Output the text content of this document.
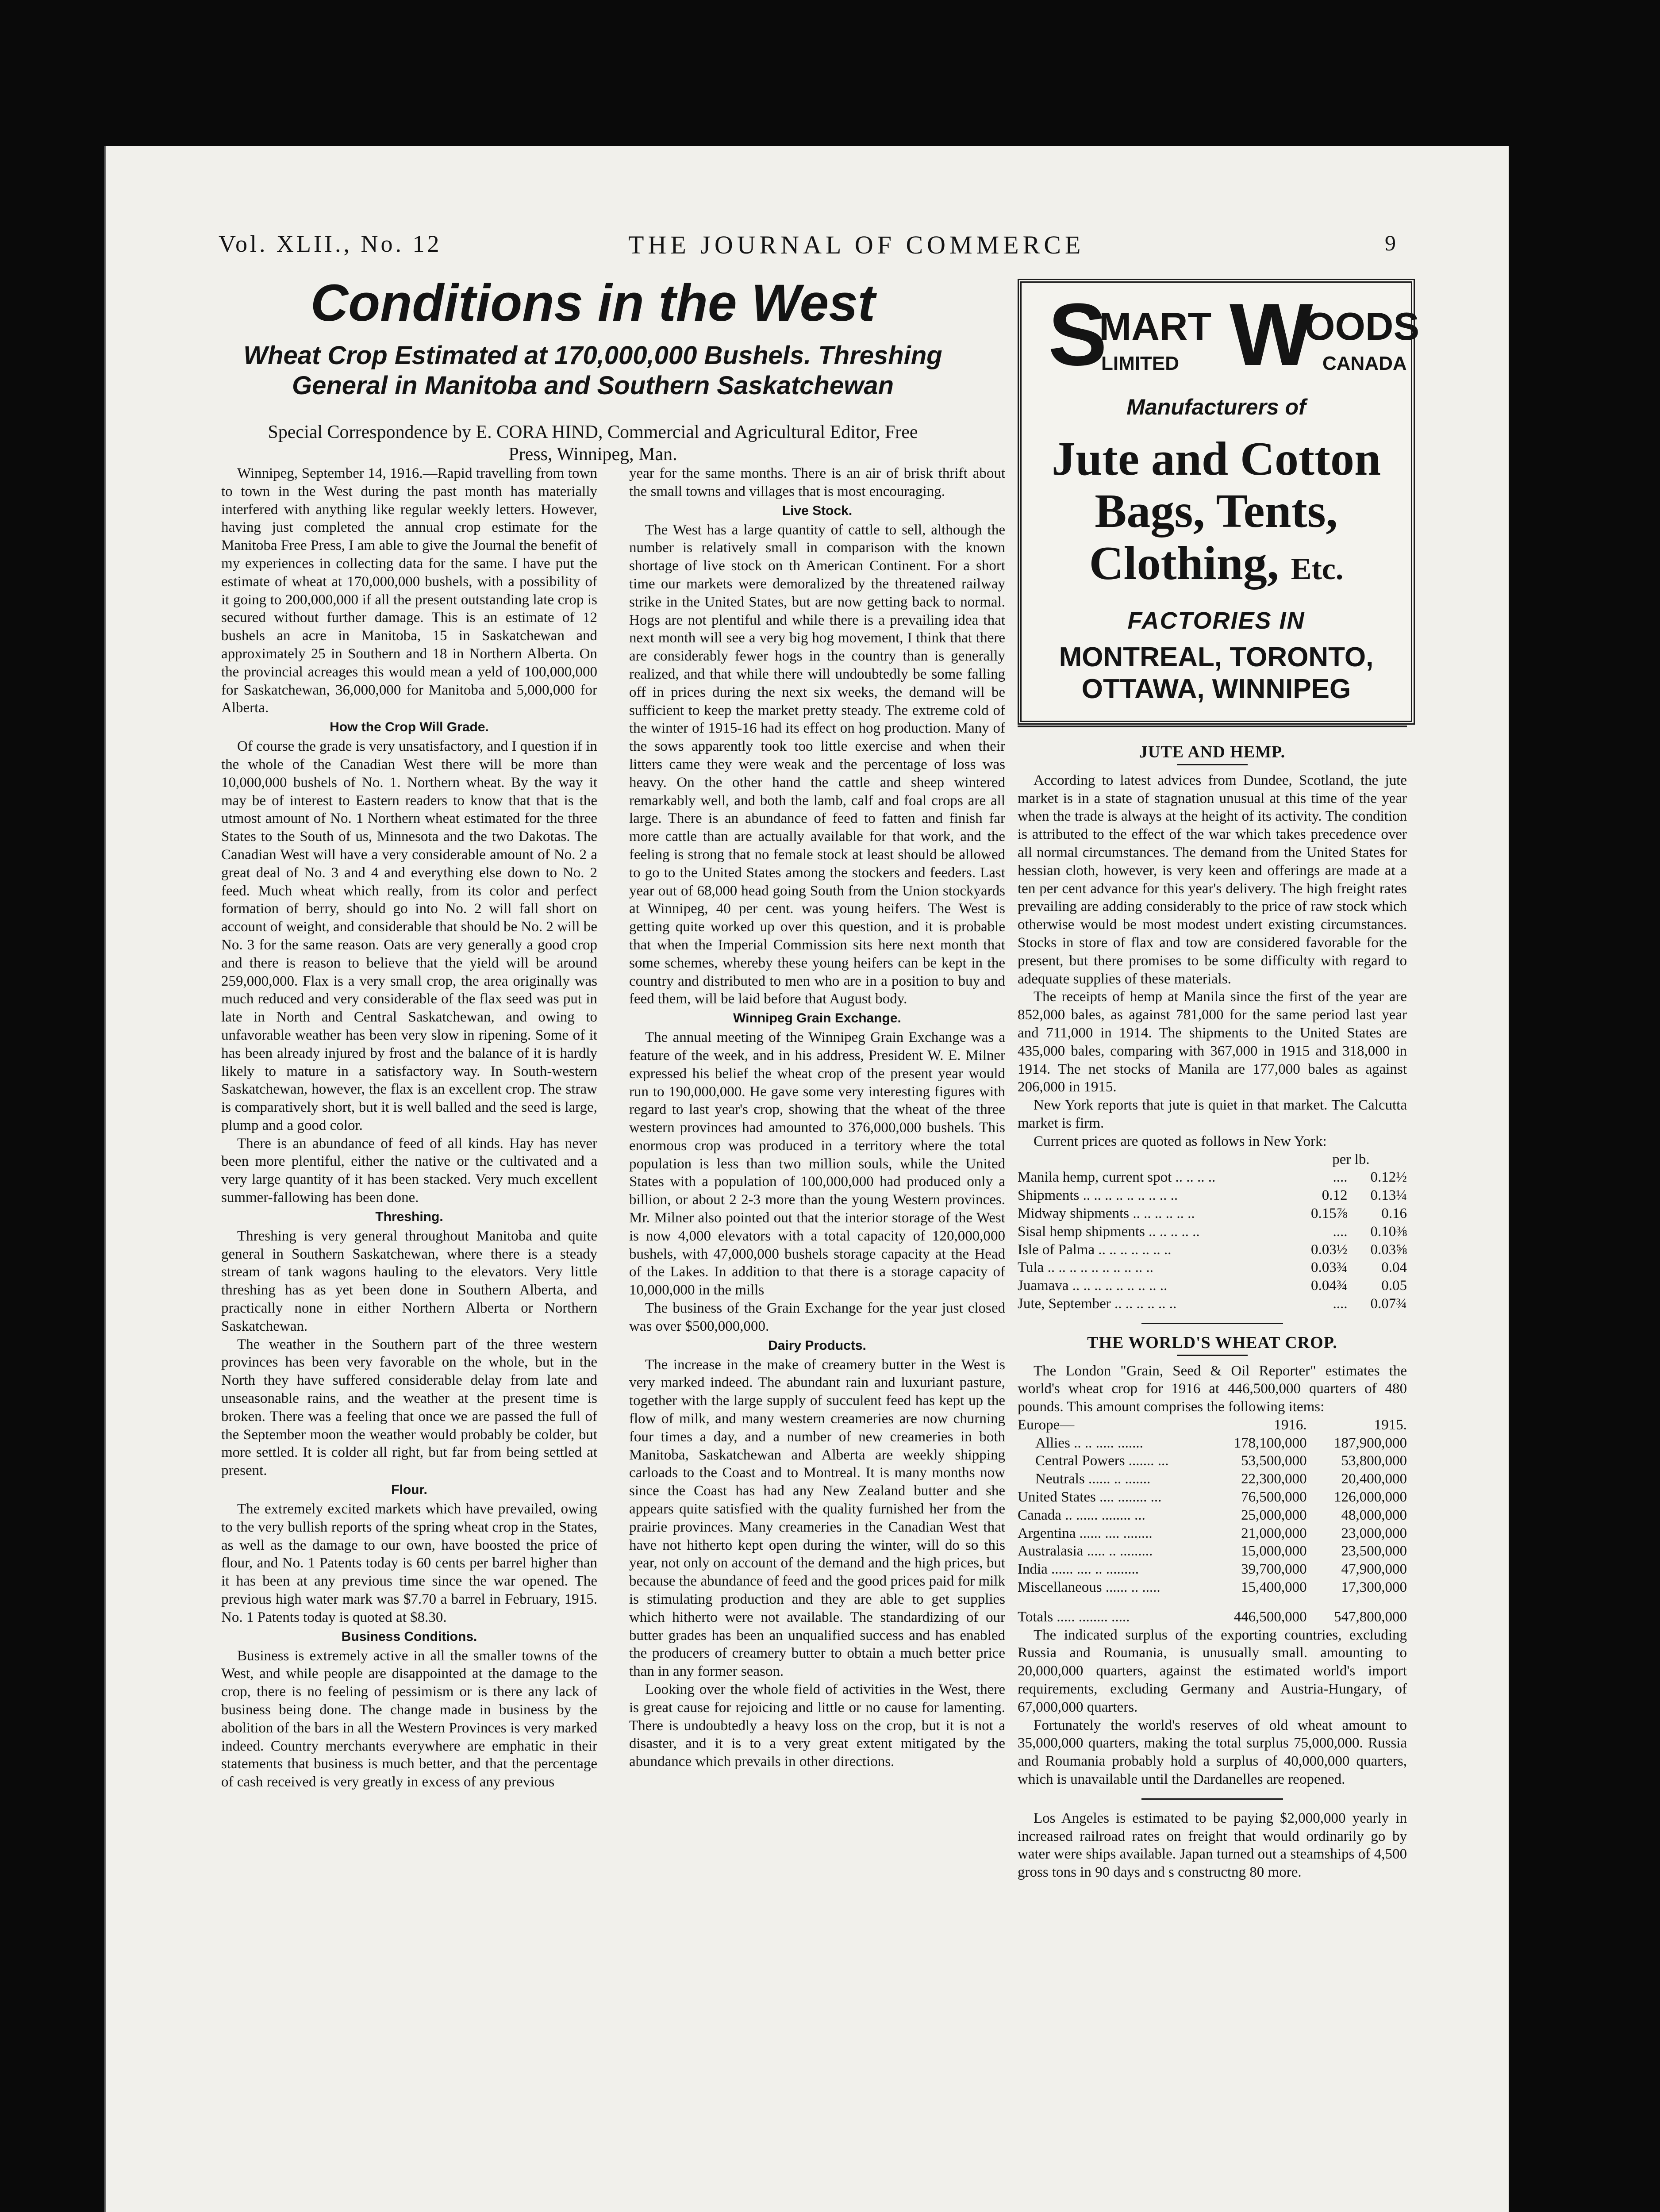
Vol. XLII., No. 12	THE JOURNAL OF COMMERCE	9
Conditions in the West

Wheat Crop Estimated at 170,000,000 Bushels. Threshing General in Manitoba and Southern Saskatchewan

Special Correspondence by E. CORA HIND, Commercial and Agricultural Editor, Free Press, Winnipeg, Man.

Winnipeg, September 14, 1916.—Rapid travelling from town to town in the West during the past month has materially interfered with anything like regular weekly letters. However, having just completed the annual crop estimate for the Manitoba Free Press, I am able to give the Journal the benefit of my experiences in collecting data for the same. I have put the estimate of wheat at 170,000,000 bushels, with a possibility of it going to 200,000,000 if all the present outstanding late crop is secured without further damage. This is an estimate of 12 bushels an acre in Manitoba, 15 in Saskatchewan and approximately 25 in Southern and 18 in Northern Alberta. On the provincial acreages this would mean a yeld of 100,000,000 for Saskatchewan, 36,000,000 for Manitoba and 5,000,000 for Alberta.

How the Crop Will Grade.

Of course the grade is very unsatisfactory, and I question if in the whole of the Canadian West there will be more than 10,000,000 bushels of No. 1. Northern wheat. By the way it may be of interest to Eastern readers to know that that is the utmost amount of No. 1 Northern wheat estimated for the three States to the South of us, Minnesota and the two Dakotas. The Canadian West will have a very considerable amount of No. 2 a great deal of No. 3 and 4 and everything else down to No. 2 feed. Much wheat which really, from its color and perfect formation of berry, should go into No. 2 will fall short on account of weight, and considerable that should be No. 2 will be No. 3 for the same reason. Oats are very generally a good crop and there is reason to believe that the yield will be around 259,000,000. Flax is a very small crop, the area originally was much reduced and very considerable of the flax seed was put in late in North and Central Saskatchewan, and owing to unfavorable weather has been very slow in ripening. Some of it has been already injured by frost and the balance of it is hardly likely to mature in a satisfactory way. In South-western Saskatchewan, however, the flax is an excellent crop. The straw is comparatively short, but it is well balled and the seed is large, plump and a good color.

There is an abundance of feed of all kinds. Hay has never been more plentiful, either the native or the cultivated and a very large quantity of it has been stacked. Very much excellent summer-fallowing has been done.

Threshing.

Threshing is very general throughout Manitoba and quite general in Southern Saskatchewan, where there is a steady stream of tank wagons hauling to the elevators. Very little threshing has as yet been done in Southern Alberta, and practically none in either Northern Alberta or Northern Saskatchewan.

The weather in the Southern part of the three western provinces has been very favorable on the whole, but in the North they have suffered considerable delay from late and unseasonable rains, and the weather at the present time is broken. There was a feeling that once we are passed the full of the September moon the weather would probably be colder, but more settled. It is colder all right, but far from being settled at present.

Flour.

The extremely excited markets which have prevailed, owing to the very bullish reports of the spring wheat crop in the States, as well as the damage to our own, have boosted the price of flour, and No. 1 Patents today is 60 cents per barrel higher than it has been at any previous time since the war opened. The previous high water mark was $7.70 a barrel in February, 1915. No. 1 Patents today is quoted at $8.30.

Business Conditions.

Business is extremely active in all the smaller towns of the West, and while people are disappointed at the damage to the crop, there is no feeling of pessimism or is there any lack of business being done. The change made in business by the abolition of the bars in all the Western Provinces is very marked indeed. Country merchants everywhere are emphatic in their statements that business is much better, and that the percentage of cash received is very greatly in excess of any previous

year for the same months. There is an air of brisk thrift about the small towns and villages that is most encouraging.

Live Stock.

The West has a large quantity of cattle to sell, although the number is relatively small in comparison with the known shortage of live stock on th American Continent. For a short time our markets were demoralized by the threatened railway strike in the United States, but are now getting back to normal. Hogs are not plentiful and while there is a prevailing idea that next month will see a very big hog movement, I think that there are considerably fewer hogs in the country than is generally realized, and that while there will undoubtedly be some falling off in prices during the next six weeks, the demand will be sufficient to keep the market pretty steady. The extreme cold of the winter of 1915-16 had its effect on hog production. Many of the sows apparently took too little exercise and when their litters came they were weak and the percentage of loss was heavy. On the other hand the cattle and sheep wintered remarkably well, and both the lamb, calf and foal crops are all large. There is an abundance of feed to fatten and finish far more cattle than are actually available for that work, and the feeling is strong that no female stock at least should be allowed to go to the United States among the stockers and feeders. Last year out of 68,000 head going South from the Union stockyards at Winnipeg, 40 per cent. was young heifers. The West is getting quite worked up over this question, and it is probable that when the Imperial Commission sits here next month that some schemes, whereby these young heifers can be kept in the country and distributed to men who are in a position to buy and feed them, will be laid before that August body.

Winnipeg Grain Exchange.

The annual meeting of the Winnipeg Grain Exchange was a feature of the week, and in his address, President W. E. Milner expressed his belief the wheat crop of the present year would run to 190,000,000. He gave some very interesting figures with regard to last year's crop, showing that the wheat of the three western provinces had amounted to 376,000,000 bushels. This enormous crop was produced in a territory where the total population is less than two million souls, while the United States with a population of 100,000,000 had produced only a billion, or about 2 2-3 more than the young Western provinces. Mr. Milner also pointed out that the interior storage of the West is now 4,000 elevators with a total capacity of 120,000,000 bushels, with 47,000,000 bushels storage capacity at the Head of the Lakes. In addition to that there is a storage capacity of 10,000,000 in the mills

The business of the Grain Exchange for the year just closed was over $500,000,000.

Dairy Products.

The increase in the make of creamery butter in the West is very marked indeed. The abundant rain and luxuriant pasture, together with the large supply of succulent feed has kept up the flow of milk, and many western creameries are now churning four times a day, and a number of new creameries in both Manitoba, Saskatchewan and Alberta are weekly shipping carloads to the Coast and to Montreal. It is many months now since the Coast has had any New Zealand butter and she appears quite satisfied with the quality furnished her from the prairie provinces. Many creameries in the Canadian West that have not hitherto kept open during the winter, will do so this year, not only on account of the demand and the high prices, but because the abundance of feed and the good prices paid for milk is stimulating production and they are able to get supplies which hitherto were not available. The standardizing of our butter grades has been an unqualified success and has enabled the producers of creamery butter to obtain a much better price than in any former season.

Looking over the whole field of activities in the West, there is great cause for rejoicing and little or no cause for lamenting. There is undoubtedly a heavy loss on the crop, but it is not a disaster, and it is to a very great extent mitigated by the abundance which prevails in other directions.

S
MART
LIMITED W
OODS
CANADA
Manufacturers of
Jute and Cotton
Bags, Tents,
Clothing, Etc.
FACTORIES IN
MONTREAL, TORONTO,
OTTAWA, WINNIPEG
JUTE AND HEMP.

According to latest advices from Dundee, Scotland, the jute market is in a state of stagnation unusual at this time of the year when the trade is always at the height of its activity. The condition is attributed to the effect of the war which takes precedence over all normal circumstances. The demand from the United States for hessian cloth, however, is very keen and offerings are made at a ten per cent advance for this year's delivery. The high freight rates prevailing are adding considerably to the price of raw stock which otherwise would be most modest undert existing circumstances. Stocks in store of flax and tow are considered favorable for the present, but there promises to be some difficulty with regard to adequate supplies of these materials.

The receipts of hemp at Manila since the first of the year are 852,000 bales, as against 781,000 for the same period last year and 711,000 in 1914. The shipments to the United States are 435,000 bales, comparing with 367,000 in 1915 and 318,000 in 1914. The net stocks of Manila are 177,000 bales as against 206,000 in 1915.

New York reports that jute is quiet in that market. The Calcutta market is firm.

Current prices are quoted as follows in New York:

	per lb.	
Manila hemp, current spot .. .. .. ..	....	0.12½
Shipments .. .. .. .. .. .. .. .. ..	0.12	0.13¼
Midway shipments .. .. .. .. .. ..	0.15⅞	0.16
Sisal hemp shipments .. .. .. .. ..	....	0.10⅜
Isle of Palma .. .. .. .. .. .. ..	0.03½	0.03⅝
Tula .. .. .. .. .. .. .. .. .. ..	0.03¾	0.04
Juamava .. .. .. .. .. .. .. .. ..	0.04¾	0.05
Jute, September .. .. .. .. .. ..	....	0.07¾
THE WORLD'S WHEAT CROP.

The London "Grain, Seed & Oil Reporter" estimates the world's wheat crop for 1916 at 446,500,000 quarters of 480 pounds. This amount comprises the following items:

Europe—	1916.	1915.
Allies .. .. ..... .......	178,100,000	187,900,000
Central Powers ....... ...	53,500,000	53,800,000
Neutrals ...... .. .......	22,300,000	20,400,000
United States .... ........ ...	76,500,000	126,000,000
Canada .. ...... ........ ...	25,000,000	48,000,000
Argentina ...... .... ........	21,000,000	23,000,000
Australasia ..... .. .........	15,000,000	23,500,000
India ...... .... .. .........	39,700,000	47,900,000
Miscellaneous ...... .. .....	15,400,000	17,300,000
Totals ..... ........ .....	446,500,000	547,800,000

The indicated surplus of the exporting countries, excluding Russia and Roumania, is unusually small. amounting to 20,000,000 quarters, against the estimated world's import requirements, excluding Germany and Austria-Hungary, of 67,000,000 quarters.

Fortunately the world's reserves of old wheat amount to 35,000,000 quarters, making the total surplus 75,000,000. Russia and Roumania probably hold a surplus of 40,000,000 quarters, which is unavailable until the Dardanelles are reopened.

Los Angeles is estimated to be paying $2,000,000 yearly in increased railroad rates on freight that would ordinarily go by water were ships available. Japan turned out a steamships of 4,500 gross tons in 90 days and s constructng 80 more.
